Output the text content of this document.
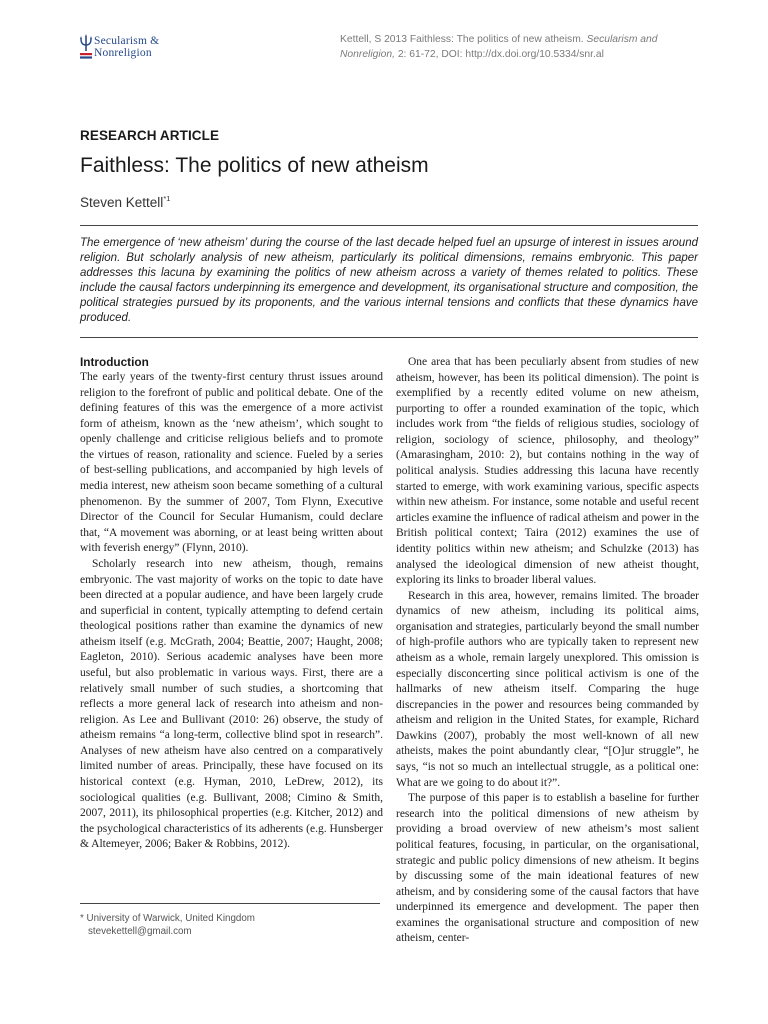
Secularism &
Nonreligion
Kettell, S 2013 Faithless: The politics of new atheism. Secularism and Nonreligion, 2: 61-72, DOI: http://dx.doi.org/10.5334/snr.al
RESEARCH ARTICLE
Faithless: The politics of new atheism
Steven Kettell$^{*1}$

The emergence of ‘new atheism’ during the course of the last decade helped fuel an upsurge of interest in issues around religion. But scholarly analysis of new atheism, particularly its political dimensions, remains embryonic. This paper addresses this lacuna by examining the politics of new atheism across a variety of themes related to politics. These include the causal factors underpinning its emergence and development, its organisational structure and composition, the political strategies pursued by its proponents, and the various internal tensions and conflicts that these dynamics have produced.

Introduction

The early years of the twenty-first century thrust issues around religion to the forefront of public and political debate. One of the defining features of this was the emergence of a more activist form of atheism, known as the ‘new atheism’, which sought to openly challenge and criticise religious beliefs and to promote the virtues of reason, rationality and science. Fueled by a series of best-selling publications, and accompanied by high levels of media interest, new atheism soon became something of a cultural phenomenon. By the summer of 2007, Tom Flynn, Executive Director of the Council for Secular Humanism, could declare that, “A movement was aborning, or at least being written about with feverish energy” (Flynn, 2010).

Scholarly research into new atheism, though, remains embryonic. The vast majority of works on the topic to date have been directed at a popular audience, and have been largely crude and superficial in content, typically attempting to defend certain theological positions rather than examine the dynamics of new atheism itself (e.g. McGrath, 2004; Beattie, 2007; Haught, 2008; Eagleton, 2010). Serious academic analyses have been more useful, but also problematic in various ways. First, there are a relatively small number of such studies, a shortcoming that reflects a more general lack of research into atheism and non-religion. As Lee and Bullivant (2010: 26) observe, the study of atheism remains “a long-term, collective blind spot in research”. Analyses of new atheism have also centred on a comparatively limited number of areas. Principally, these have focused on its historical context (e.g. Hyman, 2010, LeDrew, 2012), its sociological qualities (e.g. Bullivant, 2008; Cimino & Smith, 2007, 2011), its philosophical properties (e.g. Kitcher, 2012) and the psychological characteristics of its adherents (e.g. Hunsberger & Altemeyer, 2006; Baker & Robbins, 2012).

One area that has been peculiarly absent from studies of new atheism, however, has been its political dimension). The point is exemplified by a recently edited volume on new atheism, purporting to offer a rounded examination of the topic, which includes work from “the fields of religious studies, sociology of religion, sociology of science, philosophy, and theology” (Amarasingham, 2010: 2), but contains nothing in the way of political analysis. Studies addressing this lacuna have recently started to emerge, with work examining various, specific aspects within new atheism. For instance, some notable and useful recent articles examine the influence of radical atheism and power in the British political context; Taira (2012) examines the use of identity politics within new atheism; and Schulzke (2013) has analysed the ideological dimension of new atheist thought, exploring its links to broader liberal values.

Research in this area, however, remains limited. The broader dynamics of new atheism, including its political aims, organisation and strategies, particularly beyond the small number of high-profile authors who are typically taken to represent new atheism as a whole, remain largely unexplored. This omission is especially disconcerting since political activism is one of the hallmarks of new atheism itself. Comparing the huge discrepancies in the power and resources being commanded by atheism and religion in the United States, for example, Richard Dawkins (2007), probably the most well-known of all new atheists, makes the point abundantly clear, “[O]ur struggle”, he says, “is not so much an intellectual struggle, as a political one: What are we going to do about it?”.

The purpose of this paper is to establish a baseline for further research into the political dimensions of new atheism by providing a broad overview of new atheism’s most salient political features, focusing, in particular, on the organisational, strategic and public policy dimensions of new atheism. It begins by discussing some of the main ideational features of new atheism, and by considering some of the causal factors that have underpinned its emergence and development. The paper then examines the organisational structure and composition of new atheism, center-

* University of Warwick, United Kingdom
stevekettell@gmail.com
